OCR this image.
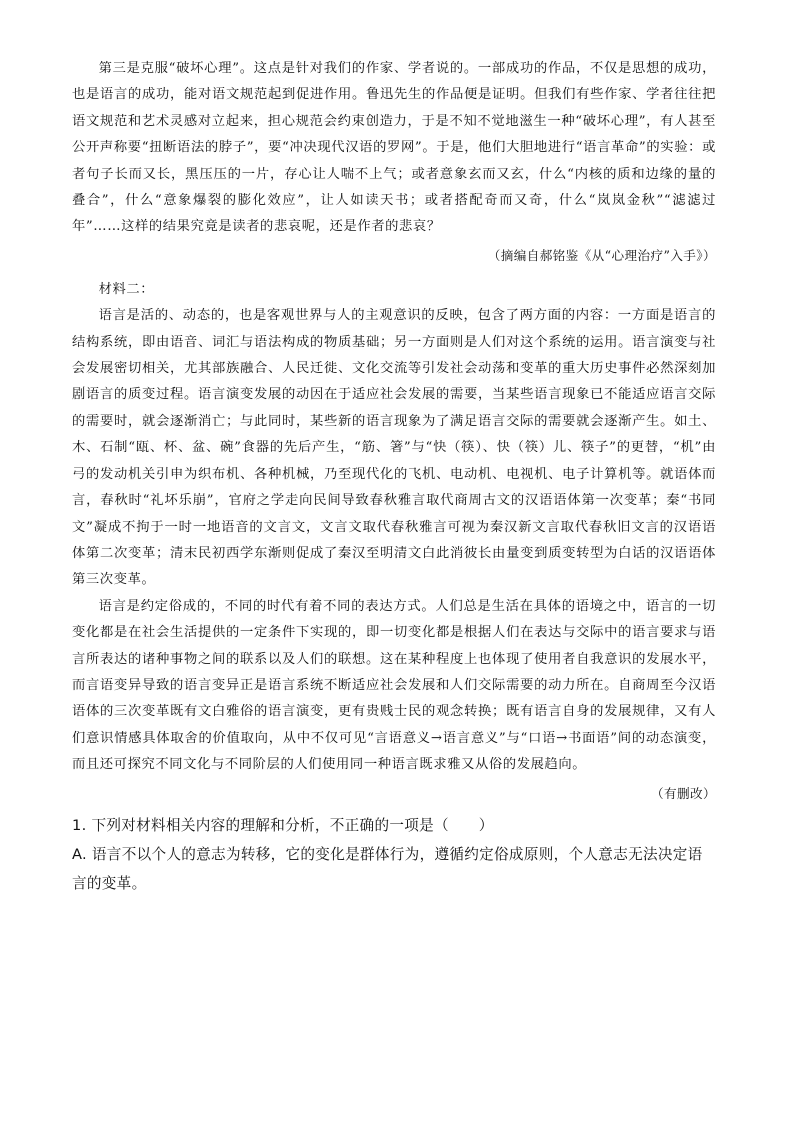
第三是克服“破坏心理”。这点是针对我们的作家、学者说的。一部成功的作品，不仅是思想的成功，也是语言的成功，能对语文规范起到促进作用。鲁迅先生的作品便是证明。但我们有些作家、学者往往把语文规范和艺术灵感对立起来，担心规范会约束创造力，于是不知不觉地滋生一种“破坏心理”，有人甚至公开声称要“扭断语法的脖子”，要“冲决现代汉语的罗网”。于是，他们大胆地进行“语言革命”的实验：或者句子长而又长，黑压压的一片，存心让人喘不上气；或者意象玄而又玄，什么“内核的质和边缘的量的叠合”，什么“意象爆裂的膨化效应”，让人如读天书；或者搭配奇而又奇，什么“岚岚金秋”“滤滤过年”……这样的结果究竟是读者的悲哀呢，还是作者的悲哀？

（摘编自郝铭鉴《从“心理治疗”入手》）

材料二：

语言是活的、动态的，也是客观世界与人的主观意识的反映，包含了两方面的内容：一方面是语言的结构系统，即由语音、词汇与语法构成的物质基础；另一方面则是人们对这个系统的运用。语言演变与社会发展密切相关，尤其部族融合、人民迁徙、文化交流等引发社会动荡和变革的重大历史事件必然深刻加剧语言的质变过程。语言演变发展的动因在于适应社会发展的需要，当某些语言现象已不能适应语言交际的需要时，就会逐渐消亡；与此同时，某些新的语言现象为了满足语言交际的需要就会逐渐产生。如土、木、石制“瓯、杯、盆、碗”食器的先后产生，“筋、箸”与“快（筷）、快（筷）儿、筷子”的更替，“机”由弓的发动机关引申为织布机、各种机械，乃至现代化的飞机、电动机、电视机、电子计算机等。就语体而言，春秋时“礼坏乐崩”，官府之学走向民间导致春秋雅言取代商周古文的汉语语体第一次变革；秦“书同文”凝成不拘于一时一地语音的文言文，文言文取代春秋雅言可视为秦汉新文言取代春秋旧文言的汉语语体第二次变革；清末民初西学东渐则促成了秦汉至明清文白此消彼长由量变到质变转型为白话的汉语语体第三次变革。

语言是约定俗成的，不同的时代有着不同的表达方式。人们总是生活在具体的语境之中，语言的一切变化都是在社会生活提供的一定条件下实现的，即一切变化都是根据人们在表达与交际中的语言要求与语言所表达的诸种事物之间的联系以及人们的联想。这在某种程度上也体现了使用者自我意识的发展水平，而言语变异导致的语言变异正是语言系统不断适应社会发展和人们交际需要的动力所在。自商周至今汉语语体的三次变革既有文白雅俗的语言演变，更有贵贱士民的观念转换；既有语言自身的发展规律，又有人们意识情感具体取舍的价值取向，从中不仅可见“言语意义→语言意义”与“口语→书面语”间的动态演变，而且还可探究不同文化与不同阶层的人们使用同一种语言既求雅又从俗的发展趋向。

（有删改）

1. 下列对材料相关内容的理解和分析，不正确的一项是（　　）

A. 语言不以个人的意志为转移，它的变化是群体行为，遵循约定俗成原则，个人意志无法决定语言的变革。
